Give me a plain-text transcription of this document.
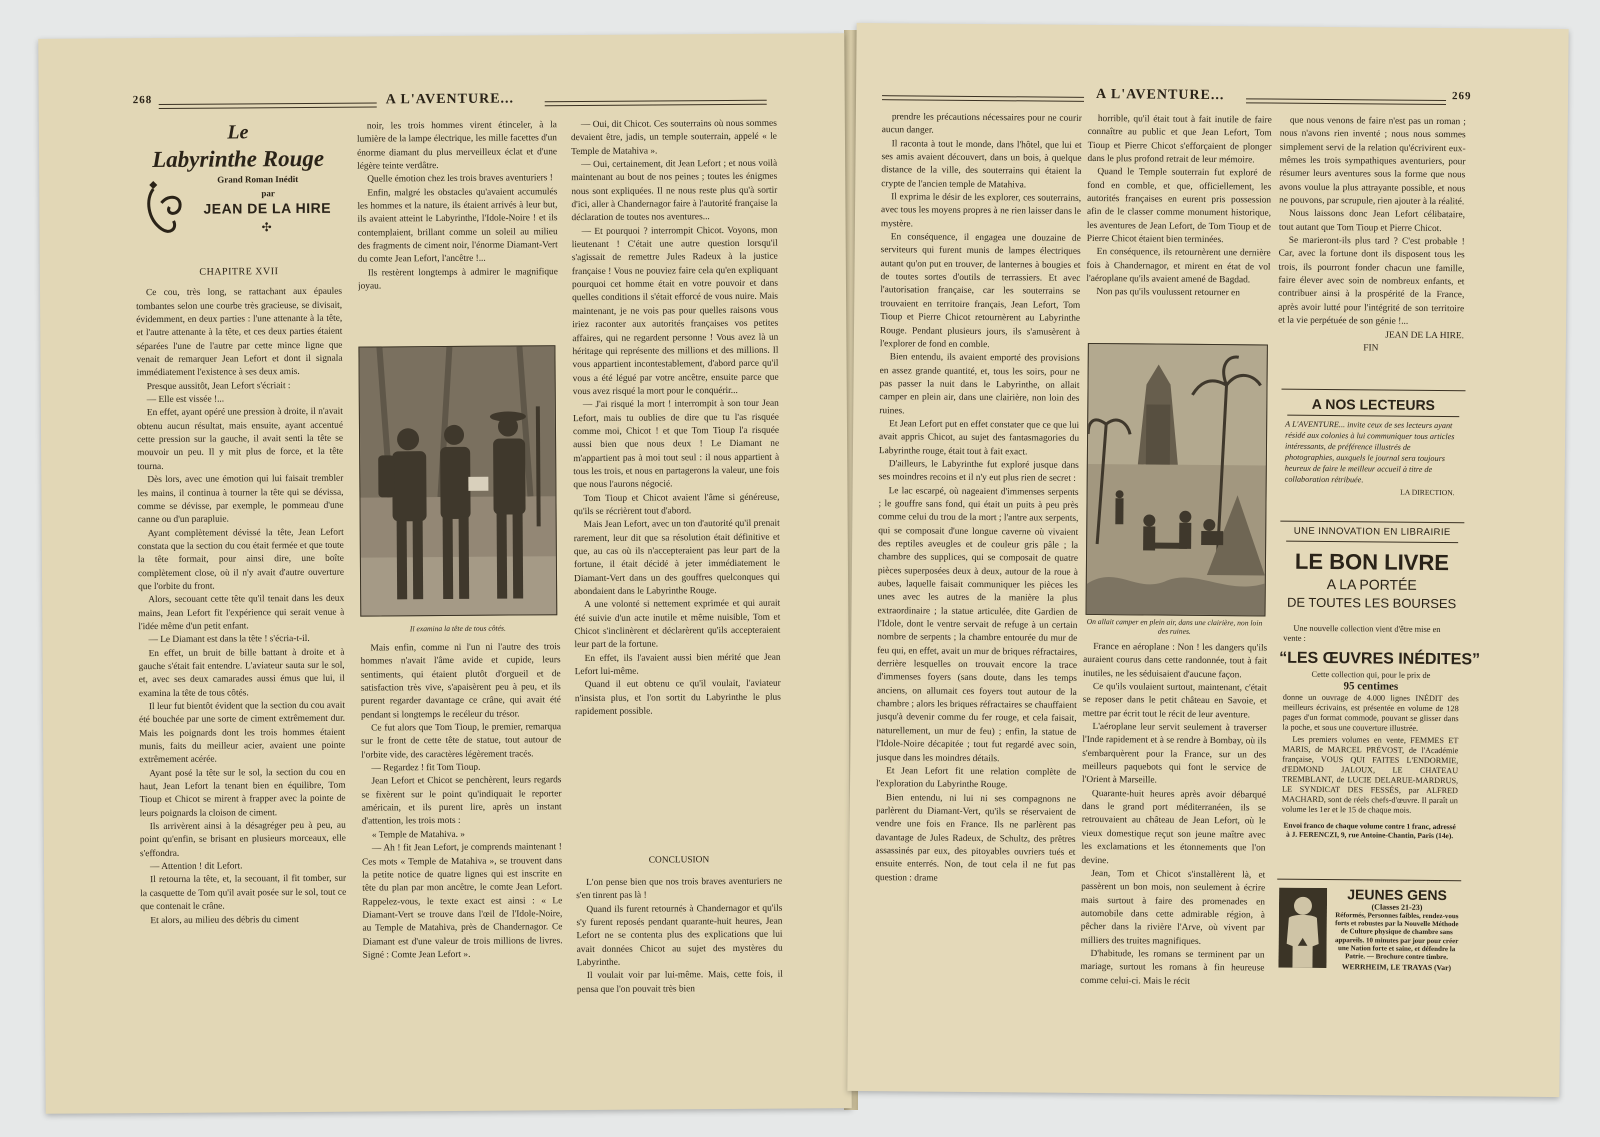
268	A L'AVENTURE...
Le
Labyrinthe Rouge
Grand Roman Inédit
par
JEAN DE LA HIRE
✣
CHAPITRE XVII

Ce cou, très long, se rattachant aux épaules tombantes selon une courbe très gracieuse, se divisait, évidemment, en deux parties : l'une attenante à la tête, et l'autre attenante à la tête, et ces deux parties étaient séparées l'une de l'autre par cette mince ligne que venait de remarquer Jean Lefort et dont il signala immédiatement l'existence à ses deux amis.

Presque aussitôt, Jean Lefort s'écriait :

— Elle est vissée !...

En effet, ayant opéré une pression à droite, il n'avait obtenu aucun résultat, mais ensuite, ayant accentué cette pression sur la gauche, il avait senti la tête se mouvoir un peu. Il y mit plus de force, et la tête tourna.

Dès lors, avec une émotion qui lui faisait trembler les mains, il continua à tourner la tête qui se dévissa, comme se dévisse, par exemple, le pommeau d'une canne ou d'un parapluie.

Ayant complètement dévissé la tête, Jean Lefort constata que la section du cou était fermée et que toute la tête formait, pour ainsi dire, une boîte complètement close, où il n'y avait d'autre ouverture que l'orbite du front.

Alors, secouant cette tête qu'il tenait dans les deux mains, Jean Lefort fit l'expérience qui serait venue à l'idée même d'un petit enfant.

— Le Diamant est dans la tête ! s'écria-t-il.

En effet, un bruit de bille battant à droite et à gauche s'était fait entendre. L'aviateur sauta sur le sol, et, avec ses deux camarades aussi émus que lui, il examina la tête de tous côtés.

Il leur fut bientôt évident que la section du cou avait été bouchée par une sorte de ciment extrêmement dur. Mais les poignards dont les trois hommes étaient munis, faits du meilleur acier, avaient une pointe extrêmement acérée.

Ayant posé la tête sur le sol, la section du cou en haut, Jean Lefort la tenant bien en équilibre, Tom Tioup et Chicot se mirent à frapper avec la pointe de leurs poignards la cloison de ciment.

Ils arrivèrent ainsi à la désagréger peu à peu, au point qu'enfin, se brisant en plusieurs morceaux, elle s'effondra.

— Attention ! dit Lefort.

Il retourna la tête, et, la secouant, il fit tomber, sur la casquette de Tom qu'il avait posée sur le sol, tout ce que contenait le crâne.

Et alors, au milieu des débris du ciment

noir, les trois hommes virent étinceler, à la lumière de la lampe électrique, les mille facettes d'un énorme diamant du plus merveilleux éclat et d'une légère teinte verdâtre.

Quelle émotion chez les trois braves aventuriers !

Enfin, malgré les obstacles qu'avaient accumulés les hommes et la nature, ils étaient arrivés à leur but, ils avaient atteint le Labyrinthe, l'Idole-Noire ! et ils contemplaient, brillant comme un soleil au milieu des fragments de ciment noir, l'énorme Diamant-Vert du comte Jean Lefort, l'ancêtre !...

Ils restèrent longtemps à admirer le magnifique joyau.

Il examina la tête de tous côtés.

Mais enfin, comme ni l'un ni l'autre des trois hommes n'avait l'âme avide et cupide, leurs sentiments, qui étaient plutôt d'orgueil et de satisfaction très vive, s'apaisèrent peu à peu, et ils purent regarder davantage ce crâne, qui avait été pendant si longtemps le recéleur du trésor.

Ce fut alors que Tom Tioup, le premier, remarqua sur le front de cette tête de statue, tout autour de l'orbite vide, des caractères légèrement tracés.

— Regardez ! fit Tom Tioup.

Jean Lefort et Chicot se penchèrent, leurs regards se fixèrent sur le point qu'indiquait le reporter américain, et ils purent lire, après un instant d'attention, les trois mots :

« Temple de Matahiva. »

— Ah ! fit Jean Lefort, je comprends maintenant ! Ces mots « Temple de Matahiva », se trouvent dans la petite notice de quatre lignes qui est inscrite en tête du plan par mon ancêtre, le comte Jean Lefort. Rappelez-vous, le texte exact est ainsi : « Le Diamant-Vert se trouve dans l'œil de l'Idole-Noire, au Temple de Matahiva, près de Chandernagor. Ce Diamant est d'une valeur de trois millions de livres. Signé : Comte Jean Lefort ».

— Oui, dit Chicot. Ces souterrains où nous sommes devaient être, jadis, un temple souterrain, appelé « le Temple de Matahiva ».

— Oui, certainement, dit Jean Lefort ; et nous voilà maintenant au bout de nos peines ; toutes les énigmes nous sont expliquées. Il ne nous reste plus qu'à sortir d'ici, aller à Chandernagor faire à l'autorité française la déclaration de toutes nos aventures...

— Et pourquoi ? interrompit Chicot. Voyons, mon lieutenant ! C'était une autre question lorsqu'il s'agissait de remettre Jules Radeux à la justice française ! Vous ne pouviez faire cela qu'en expliquant pourquoi cet homme était en votre pouvoir et dans quelles conditions il s'était efforcé de vous nuire. Mais maintenant, je ne vois pas pour quelles raisons vous iriez raconter aux autorités françaises vos petites affaires, qui ne regardent personne ! Vous avez là un héritage qui représente des millions et des millions. Il vous appartient incontestablement, d'abord parce qu'il vous a été légué par votre ancêtre, ensuite parce que vous avez risqué la mort pour le conquérir...

— J'ai risqué la mort ! interrompit à son tour Jean Lefort, mais tu oublies de dire que tu l'as risquée comme moi, Chicot ! et que Tom Tioup l'a risquée aussi bien que nous deux ! Le Diamant ne m'appartient pas à moi tout seul : il nous appartient à tous les trois, et nous en partagerons la valeur, une fois que nous l'aurons négocié.

Tom Tioup et Chicot avaient l'âme si généreuse, qu'ils se récrièrent tout d'abord.

Mais Jean Lefort, avec un ton d'autorité qu'il prenait rarement, leur dit que sa résolution était définitive et que, au cas où ils n'accepteraient pas leur part de la fortune, il était décidé à jeter immédiatement le Diamant-Vert dans un des gouffres quelconques qui abondaient dans le Labyrinthe Rouge.

A une volonté si nettement exprimée et qui aurait été suivie d'un acte inutile et même nuisible, Tom et Chicot s'inclinèrent et déclarèrent qu'ils accepteraient leur part de la fortune.

En effet, ils l'avaient aussi bien mérité que Jean Lefort lui-même.

Quand il eut obtenu ce qu'il voulait, l'aviateur n'insista plus, et l'on sortit du Labyrinthe le plus rapidement possible.

CONCLUSION

L'on pense bien que nos trois braves aventuriers ne s'en tinrent pas là !

Quand ils furent retournés à Chandernagor et qu'ils s'y furent reposés pendant quarante-huit heures, Jean Lefort ne se contenta plus des explications que lui avait données Chicot au sujet des mystères du Labyrinthe.

Il voulait voir par lui-même. Mais, cette fois, il pensa que l'on pouvait très bien

A L'AVENTURE...	269

prendre les précautions nécessaires pour ne courir aucun danger.

Il raconta à tout le monde, dans l'hôtel, que lui et ses amis avaient découvert, dans un bois, à quelque distance de la ville, des souterrains qui étaient la crypte de l'ancien temple de Matahiva.

Il exprima le désir de les explorer, ces souterrains, avec tous les moyens propres à ne rien laisser dans le mystère.

En conséquence, il engagea une douzaine de serviteurs qui furent munis de lampes électriques autant qu'on put en trouver, de lanternes à bougies et de toutes sortes d'outils de terrassiers. Et avec l'autorisation française, car les souterrains se trouvaient en territoire français, Jean Lefort, Tom Tioup et Pierre Chicot retournèrent au Labyrinthe Rouge. Pendant plusieurs jours, ils s'amusèrent à l'explorer de fond en comble.

Bien entendu, ils avaient emporté des provisions en assez grande quantité, et, tous les soirs, pour ne pas passer la nuit dans le Labyrinthe, on allait camper en plein air, dans une clairière, non loin des ruines.

Et Jean Lefort put en effet constater que ce que lui avait appris Chicot, au sujet des fantasmagories du Labyrinthe rouge, était tout à fait exact.

D'ailleurs, le Labyrinthe fut exploré jusque dans ses moindres recoins et il n'y eut plus rien de secret :

Le lac escarpé, où nageaient d'immenses serpents ; le gouffre sans fond, qui était un puits à peu près comme celui du trou de la mort ; l'antre aux serpents, qui se composait d'une longue caverne où vivaient des reptiles aveugles et de couleur gris pâle ; la chambre des supplices, qui se composait de quatre pièces superposées deux à deux, autour de la roue à aubes, laquelle faisait communiquer les pièces les unes avec les autres de la manière la plus extraordinaire ; la statue articulée, dite Gardien de l'Idole, dont le ventre servait de refuge à un certain nombre de serpents ; la chambre entourée du mur de feu qui, en effet, avait un mur de briques réfractaires, derrière lesquelles on trouvait encore la trace d'immenses foyers (sans doute, dans les temps anciens, on allumait ces foyers tout autour de la chambre ; alors les briques réfractaires se chauffaient jusqu'à devenir comme du fer rouge, et cela faisait, naturellement, un mur de feu) ; enfin, la statue de l'Idole-Noire décapitée ; tout fut regardé avec soin, jusque dans les moindres détails.

Et Jean Lefort fit une relation complète de l'exploration du Labyrinthe Rouge.

Bien entendu, ni lui ni ses compagnons ne parlèrent du Diamant-Vert, qu'ils se réservaient de vendre une fois en France. Ils ne parlèrent pas davantage de Jules Radeux, de Schultz, des prêtres assassinés par eux, des pitoyables ouvriers tués et ensuite enterrés. Non, de tout cela il ne fut pas question : drame

horrible, qu'il était tout à fait inutile de faire connaître au public et que Jean Lefort, Tom Tioup et Pierre Chicot s'efforçaient de plonger dans le plus profond retrait de leur mémoire.

Quand le Temple souterrain fut exploré de fond en comble, et que, officiellement, les autorités françaises en eurent pris possession afin de le classer comme monument historique, les aventures de Jean Lefort, de Tom Tioup et de Pierre Chicot étaient bien terminées.

En conséquence, ils retournèrent une dernière fois à Chandernagor, et mirent en état de vol l'aéroplane qu'ils avaient amené de Bagdad.

Non pas qu'ils voulussent retourner en

On allait camper en plein air, dans une clairière, non loin des ruines.

France en aéroplane : Non ! les dangers qu'ils auraient courus dans cette randonnée, tout à fait inutiles, ne les séduisaient d'aucune façon.

Ce qu'ils voulaient surtout, maintenant, c'était se reposer dans le petit château en Savoie, et mettre par écrit tout le récit de leur aventure.

L'aéroplane leur servit seulement à traverser l'Inde rapidement et à se rendre à Bombay, où ils s'embarquèrent pour la France, sur un des meilleurs paquebots qui font le service de l'Orient à Marseille.

Quarante-huit heures après avoir débarqué dans le grand port méditerranéen, ils se retrouvaient au château de Jean Lefort, où le vieux domestique reçut son jeune maître avec les exclamations et les étonnements que l'on devine.

Jean, Tom et Chicot s'installèrent là, et passèrent un bon mois, non seulement à écrire mais surtout à faire des promenades en automobile dans cette admirable région, à pêcher dans la rivière l'Arve, où vivent par milliers des truites magnifiques.

D'habitude, les romans se terminent par un mariage, surtout les romans à fin heureuse comme celui-ci. Mais le récit

que nous venons de faire n'est pas un roman ; nous n'avons rien inventé ; nous nous sommes simplement servi de la relation qu'écrivirent eux-mêmes les trois sympathiques aventuriers, pour résumer leurs aventures sous la forme que nous avons voulue la plus attrayante possible, et nous ne pouvons, par scrupule, rien ajouter à la réalité.

Nous laissons donc Jean Lefort célibataire, tout autant que Tom Tioup et Pierre Chicot.

Se marieront-ils plus tard ? C'est probable ! Car, avec la fortune dont ils disposent tous les trois, ils pourront fonder chacun une famille, faire élever avec soin de nombreux enfants, et contribuer ainsi à la prospérité de la France, après avoir lutté pour l'intégrité de son territoire et la vie perpétuée de son génie !...

JEAN DE LA HIRE.

FIN

A NOS LECTEURS
A L'AVENTURE... invite ceux de ses lecteurs ayant résidé aux colonies à lui communiquer tous articles intéressants, de préférence illustrés de photographies, auxquels le journal sera toujours heureux de faire le meilleur accueil à titre de collaboration rétribuée.
LA DIRECTION.
UNE INNOVATION EN LIBRAIRIE
LE BON LIVRE
A LA PORTÉE
DE TOUTES LES BOURSES
Une nouvelle collection vient d'être mise en vente :
“LES ŒUVRES INÉDITES”
Cette collection qui, pour le prix de
95 centimes
donne un ouvrage de 4.000 lignes INÉDIT des meilleurs écrivains, est présentée en volume de 128 pages d'un format commode, pouvant se glisser dans la poche, et sous une couverture illustrée.
Les premiers volumes en vente, FEMMES ET MARIS, de MARCEL PRÉVOST, de l'Académie française, VOUS QUI FAITES L'ENDORMIE, d'EDMOND JALOUX, LE CHATEAU TREMBLANT, de LUCIE DELARUE-MARDRUS, LE SYNDICAT DES FESSÉS, par ALFRED MACHARD, sont de réels chefs-d'œuvre. Il paraît un volume les 1er et le 15 de chaque mois.
Envoi franco de chaque volume contre 1 franc, adressé à J. FERENCZI, 9, rue Antoine-Chantin, Paris (14e).
JEUNES GENS
(Classes 21-23)
Réformés, Personnes faibles, rendez-vous forts et robustes par la Nouvelle Méthode de Culture physique de chambre sans appareils. 10 minutes par jour pour créer une Nation forte et saine, et défendre la Patrie. — Brochure contre timbre.
WERRHEIM, LE TRAYAS (Var)
